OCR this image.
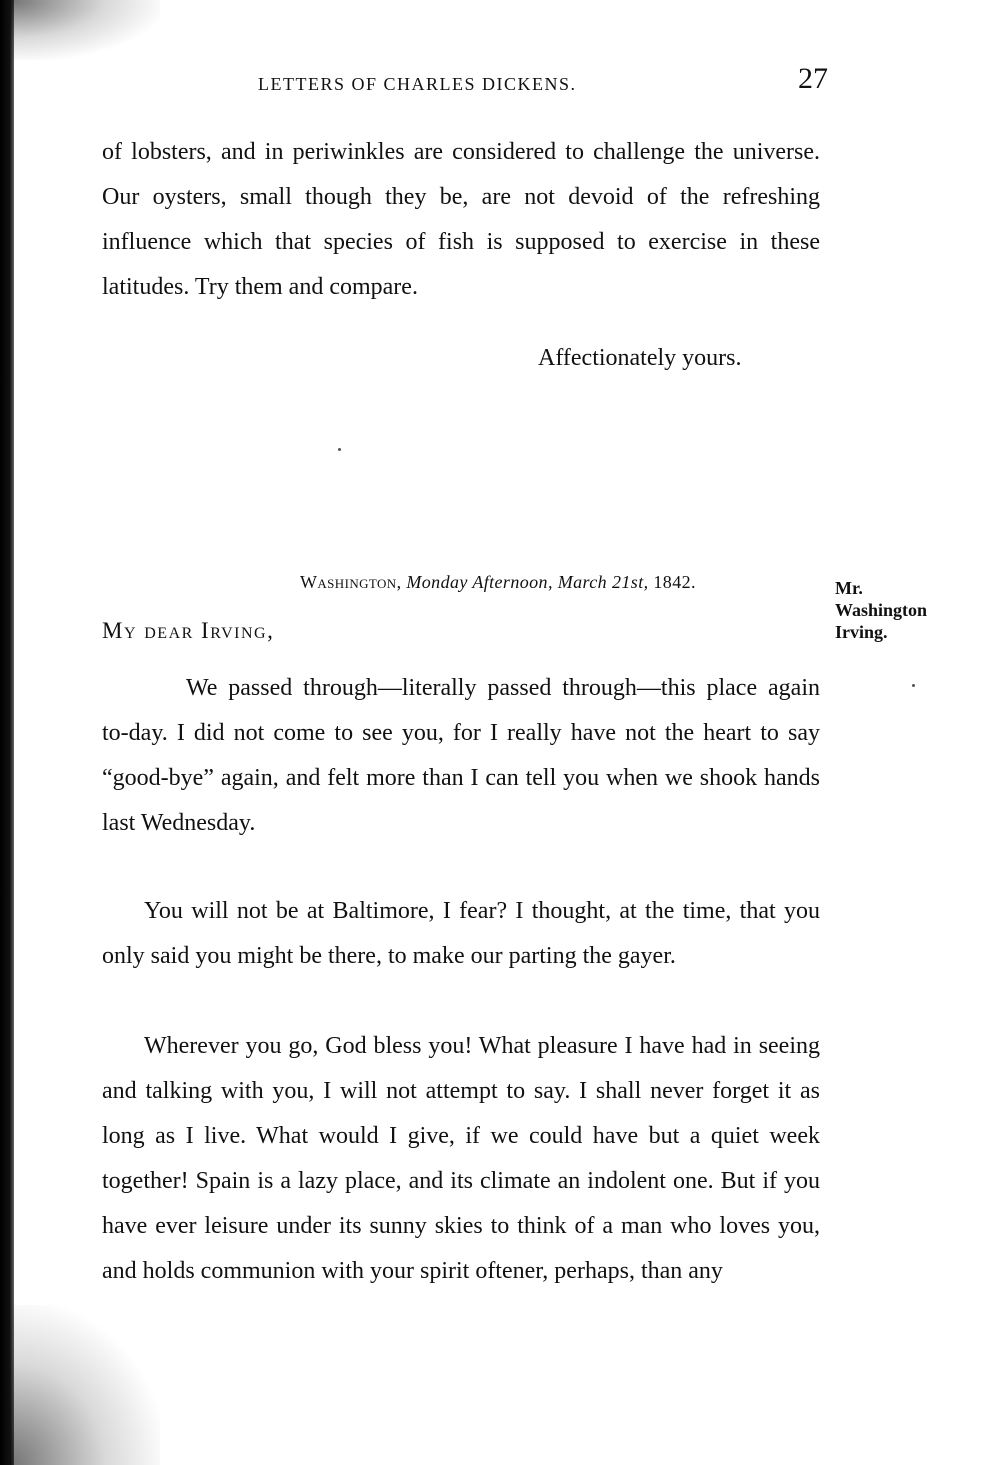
LETTERS OF CHARLES DICKENS.	27

of lobsters, and in periwinkles are considered to challenge the universe. Our oysters, small though they be, are not devoid of the refreshing influence which that species of fish is supposed to exercise in these latitudes. Try them and compare.

Affectionately yours.
Washington, Monday Afternoon, March 21st, 1842.	Mr. Washington Irving.
My dear Irving,

We passed through—literally passed through—this place again to-day. I did not come to see you, for I really have not the heart to say “good-bye” again, and felt more than I can tell you when we shook hands last Wednesday.

You will not be at Baltimore, I fear? I thought, at the time, that you only said you might be there, to make our parting the gayer.

Wherever you go, God bless you! What pleasure I have had in seeing and talking with you, I will not attempt to say. I shall never forget it as long as I live. What would I give, if we could have but a quiet week together! Spain is a lazy place, and its climate an indolent one. But if you have ever leisure under its sunny skies to think of a man who loves you, and holds communion with your spirit oftener, perhaps, than any
